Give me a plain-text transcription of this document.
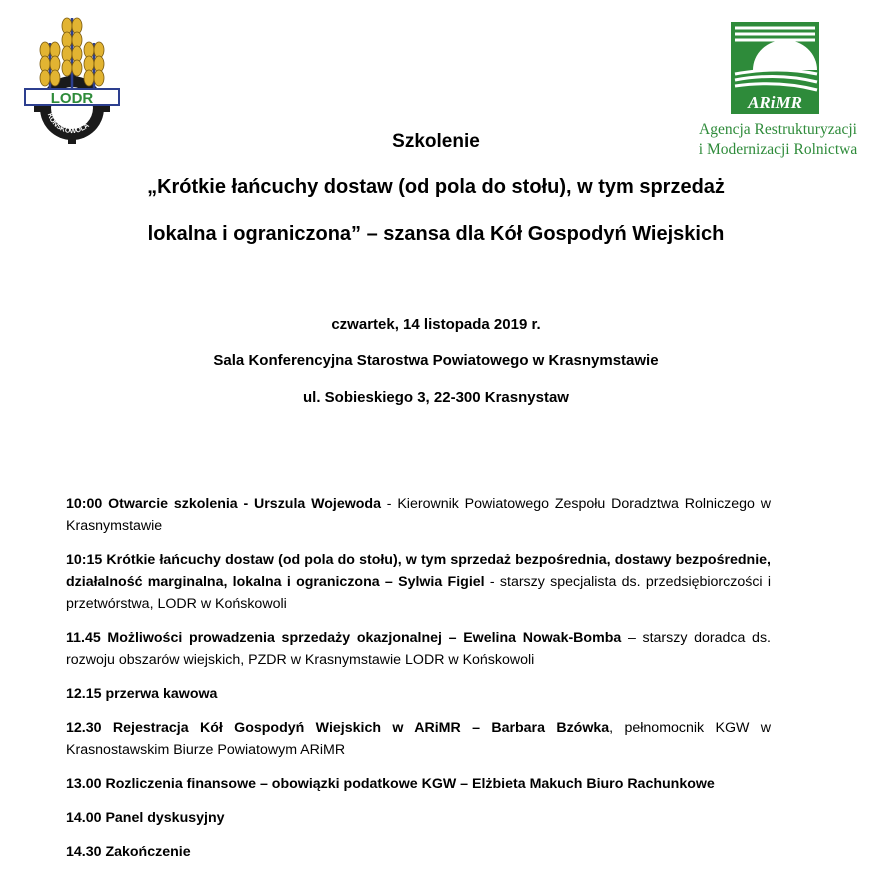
KOŃSKOWOLA
LODR	ARiMR
Agencja Restrukturyzacji
i Modernizacji Rolnictwa
Szkolenie
„Krótkie łańcuchy dostaw (od pola do stołu), w tym sprzedaż
lokalna i ograniczona” – szansa dla Kół Gospodyń Wiejskich
czwartek, 14 listopada 2019 r.
Sala Konferencyjna Starostwa Powiatowego w Krasnymstawie
ul. Sobieskiego 3, 22-300 Krasnystaw

10:00 Otwarcie szkolenia - Urszula Wojewoda - Kierownik Powiatowego Zespołu Doradztwa Rolniczego w Krasnymstawie

10:15 Krótkie łańcuchy dostaw (od pola do stołu), w tym sprzedaż bezpośrednia, dostawy bezpośrednie, działalność marginalna, lokalna i ograniczona – Sylwia Figiel - starszy specjalista ds. przedsiębiorczości i przetwórstwa, LODR w Końskowoli

11.45 Możliwości prowadzenia sprzedaży okazjonalnej – Ewelina Nowak-Bomba – starszy doradca ds. rozwoju obszarów wiejskich, PZDR w Krasnymstawie LODR w Końskowoli

12.15 przerwa kawowa

12.30 Rejestracja Kół Gospodyń Wiejskich w ARiMR – Barbara Bzówka, pełnomocnik KGW w Krasnostawskim Biurze Powiatowym ARiMR

13.00 Rozliczenia finansowe – obowiązki podatkowe KGW – Elżbieta Makuch Biuro Rachunkowe

14.00 Panel dyskusyjny

14.30 Zakończenie
